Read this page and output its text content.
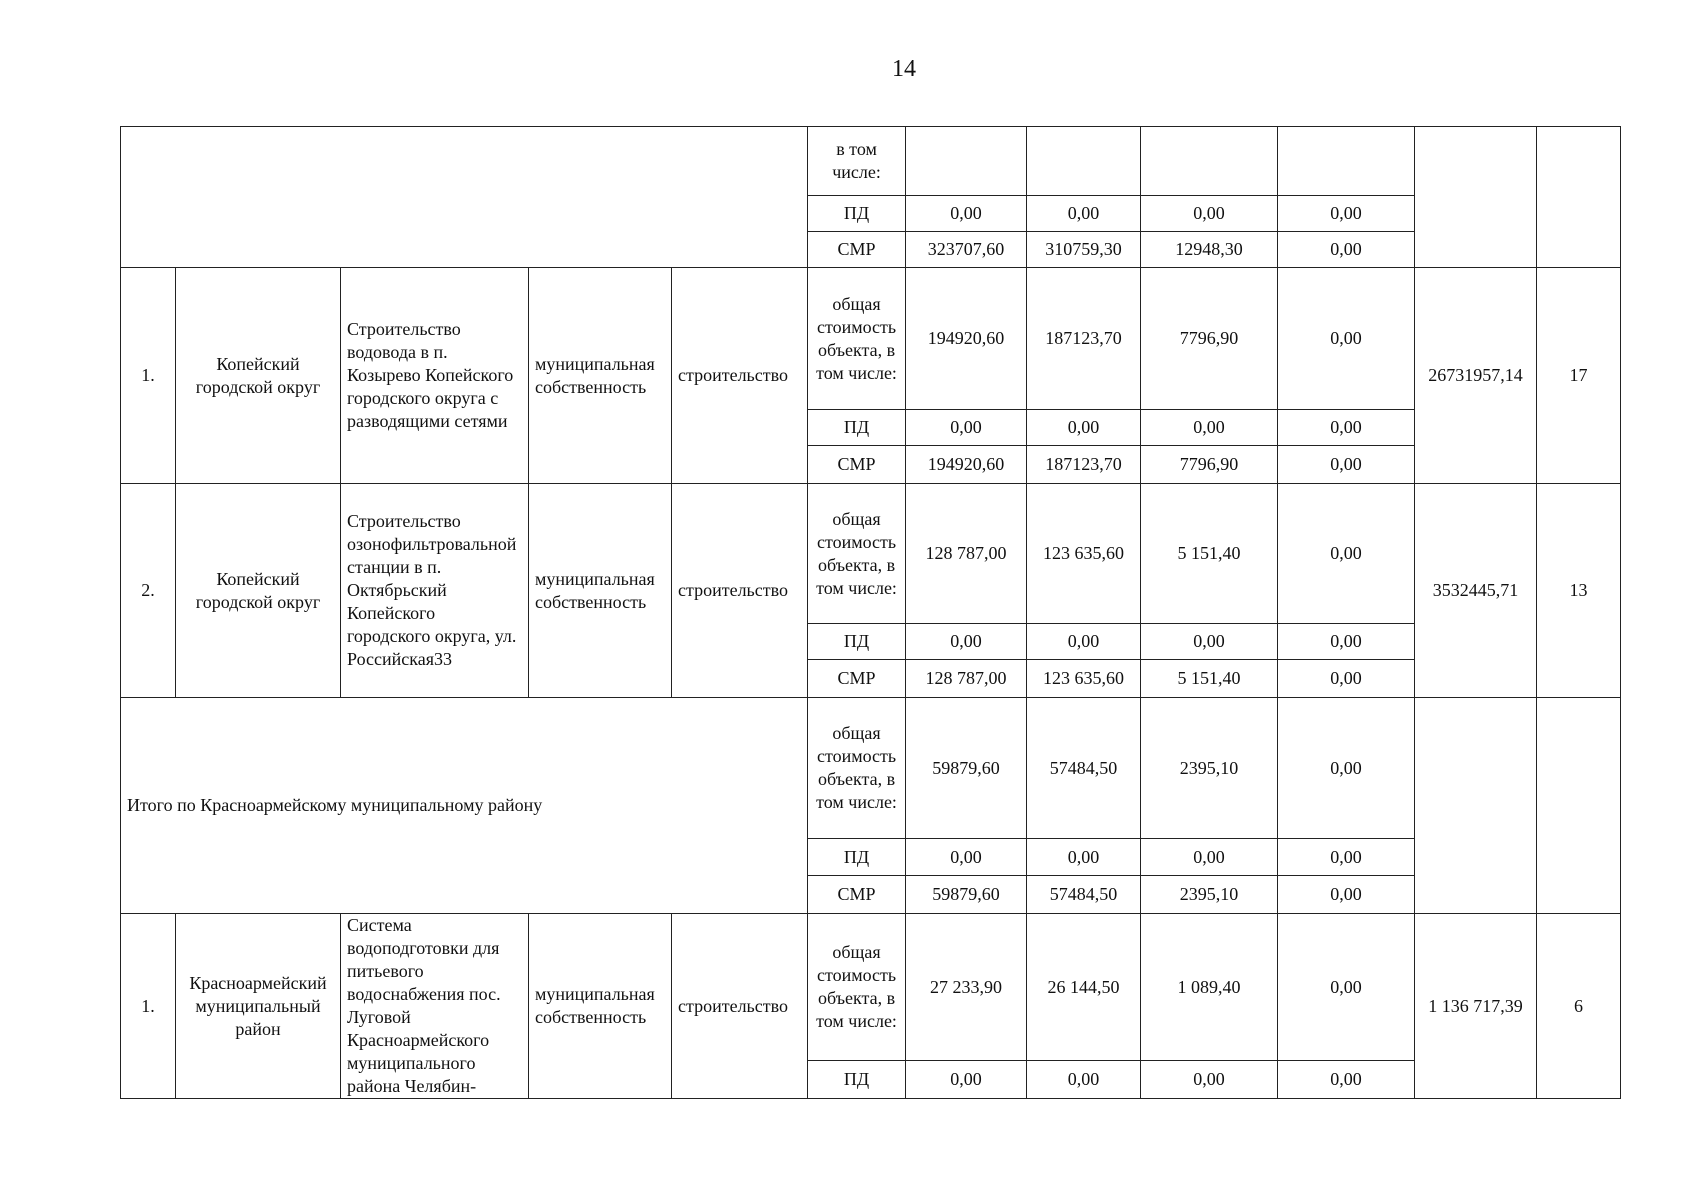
14
					в том числе:						
					ПД	0,00	0,00	0,00	0,00		
					СМР	323707,60	310759,30	12948,30	0,00		
1.	Копейский городской округ	Строительство водовода в п. Козырево Копейского городского округа с разводящими сетями	муниципальная собственность	строительство	общая стоимость объекта, в том числе:	194920,60	187123,70	7796,90	0,00	26731957,14	17
					ПД	0,00	0,00	0,00	0,00		
					СМР	194920,60	187123,70	7796,90	0,00		
2.	Копейский городской округ	Строительство озонофильтровальной станции в п. Октябрьский Копейского городского округа, ул. Российская33	муниципальная собственность	строительство	общая стоимость объекта, в том числе:	128 787,00	123 635,60	5 151,40	0,00	3532445,71	13
					ПД	0,00	0,00	0,00	0,00		
					СМР	128 787,00	123 635,60	5 151,40	0,00		
Итого по Красноармейскому муниципальному району					общая стоимость объекта, в том числе:	59879,60	57484,50	2395,10	0,00		
					ПД	0,00	0,00	0,00	0,00		
					СМР	59879,60	57484,50	2395,10	0,00		
1.	Красноармейский муниципальный район	Система водоподготовки для питьевого водоснабжения пос. Луговой Красноармейского муниципального района Челябин-	муниципальная собственность	строительство	общая стоимость объекта, в том числе:	27 233,90	26 144,50	1 089,40	0,00	1 136 717,39	6
					ПД	0,00	0,00	0,00	0,00		
